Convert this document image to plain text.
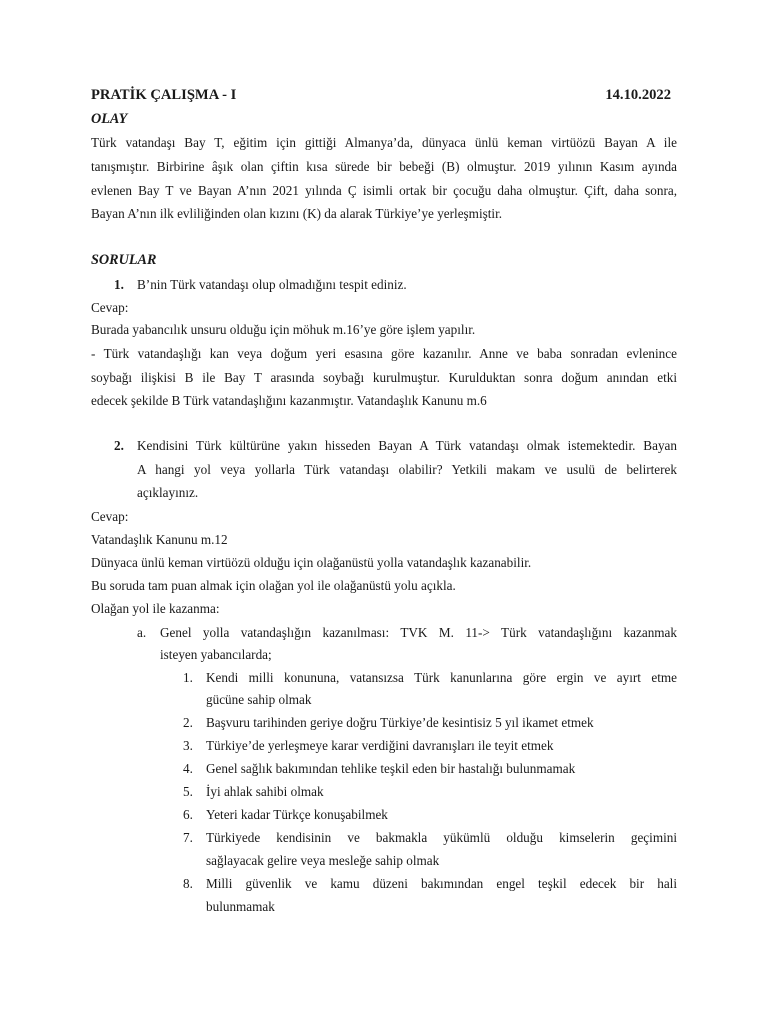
PRATİK ÇALIŞMA - I	14.10.2022
OLAY
Türk vatandaşı Bay T, eğitim için gittiği Almanya’da, dünyaca ünlü keman virtüözü Bayan A ile
tanışmıştır. Birbirine âşık olan çiftin kısa sürede bir bebeği (B) olmuştur. 2019 yılının Kasım ayında
evlenen Bay T ve Bayan A’nın 2021 yılında Ç isimli ortak bir çocuğu daha olmuştur. Çift, daha sonra,
Bayan A’nın ilk evliliğinden olan kızını (K) da alarak Türkiye’ye yerleşmiştir.
SORULAR
1. B’nin Türk vatandaşı olup olmadığını tespit ediniz.
Cevap:
Burada yabancılık unsuru olduğu için möhuk m.16’ye göre işlem yapılır.
- Türk vatandaşlığı kan veya doğum yeri esasına göre kazanılır. Anne ve baba sonradan evlenince
soybağı ilişkisi B ile Bay T arasında soybağı kurulmuştur. Kurulduktan sonra doğum anından etki
edecek şekilde B Türk vatandaşlığını kazanmıştır. Vatandaşlık Kanunu m.6
2. Kendisini Türk kültürüne yakın hisseden Bayan A Türk vatandaşı olmak istemektedir. Bayan
A hangi yol veya yollarla Türk vatandaşı olabilir? Yetkili makam ve usulü de belirterek
açıklayınız.
Cevap:
Vatandaşlık Kanunu m.12
Dünyaca ünlü keman virtüözü olduğu için olağanüstü yolla vatandaşlık kazanabilir.
Bu soruda tam puan almak için olağan yol ile olağanüstü yolu açıkla.
Olağan yol ile kazanma:
a. Genel yolla vatandaşlığın kazanılması: TVK M. 11-> Türk vatandaşlığını kazanmak
isteyen yabancılarda;
1. Kendi milli konununa, vatansızsa Türk kanunlarına göre ergin ve ayırt etme
gücüne sahip olmak
2. Başvuru tarihinden geriye doğru Türkiye’de kesintisiz 5 yıl ikamet etmek
3. Türkiye’de yerleşmeye karar verdiğini davranışları ile teyit etmek
4. Genel sağlık bakımından tehlike teşkil eden bir hastalığı bulunmamak
5. İyi ahlak sahibi olmak
6. Yeteri kadar Türkçe konuşabilmek
7. Türkiyede kendisinin ve bakmakla yükümlü olduğu kimselerin geçimini
sağlayacak gelire veya mesleğe sahip olmak
8. Milli güvenlik ve kamu düzeni bakımından engel teşkil edecek bir hali
bulunmamak
